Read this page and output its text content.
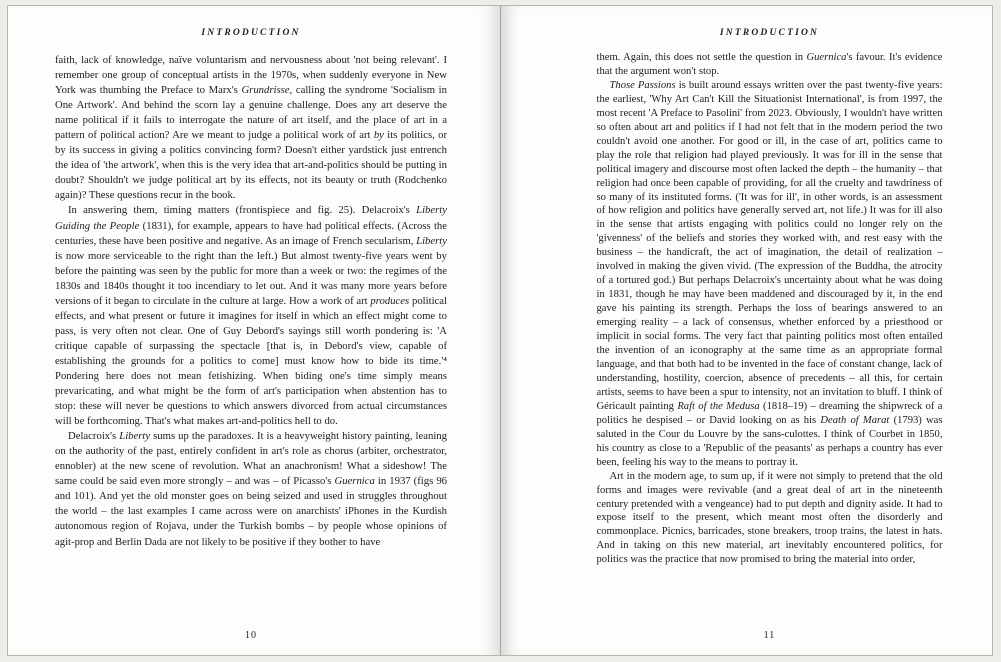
INTRODUCTION

faith, lack of knowledge, naïve voluntarism and nervousness about 'not being relevant'. I remember one group of conceptual artists in the 1970s, when suddenly everyone in New York was thumbing the Preface to Marx's Grundrisse, calling the syndrome 'Socialism in One Artwork'. And behind the scorn lay a genuine challenge. Does any art deserve the name political if it fails to interrogate the nature of art itself, and the place of art in a pattern of political action? Are we meant to judge a political work of art by its politics, or by its success in giving a politics convincing form? Doesn't either yardstick just entrench the idea of 'the artwork', when this is the very idea that art-and-politics should be putting in doubt? Shouldn't we judge political art by its effects, not its beauty or truth (Rodchenko again)? These questions recur in the book.

In answering them, timing matters (frontispiece and fig. 25). Delacroix's Liberty Guiding the People (1831), for example, appears to have had political effects. (Across the centuries, these have been positive and negative. As an image of French secularism, Liberty is now more serviceable to the right than the left.) But almost twenty-five years went by before the painting was seen by the public for more than a week or two: the regimes of the 1830s and 1840s thought it too incendiary to let out. And it was many more years before versions of it began to circulate in the culture at large. How a work of art produces political effects, and what present or future it imagines for itself in which an effect might come to pass, is very often not clear. One of Guy Debord's sayings still worth pondering is: 'A critique capable of surpassing the spectacle [that is, in Debord's view, capable of establishing the grounds for a politics to come] must know how to bide its time.'⁴ Pondering here does not mean fetishizing. When biding one's time simply means prevaricating, and what might be the form of art's participation when abstention has to stop: these will never be questions to which answers divorced from actual circumstances will be forthcoming. That's what makes art-and-politics hell to do.

Delacroix's Liberty sums up the paradoxes. It is a heavyweight history painting, leaning on the authority of the past, entirely confident in art's role as chorus (arbiter, orchestrator, ennobler) at the new scene of revolution. What an anachronism! What a sideshow! The same could be said even more strongly – and was – of Picasso's Guernica in 1937 (figs 96 and 101). And yet the old monster goes on being seized and used in struggles throughout the world – the last examples I came across were on anarchists' iPhones in the Kurdish autonomous region of Rojava, under the Turkish bombs – by people whose opinions of agit-prop and Berlin Dada are not likely to be positive if they bother to have

10
INTRODUCTION

them. Again, this does not settle the question in Guernica's favour. It's evidence that the argument won't stop.

Those Passions is built around essays written over the past twenty-five years: the earliest, 'Why Art Can't Kill the Situationist International', is from 1997, the most recent 'A Preface to Pasolini' from 2023. Obviously, I wouldn't have written so often about art and politics if I had not felt that in the modern period the two couldn't avoid one another. For good or ill, in the case of art, politics came to play the role that religion had played previously. It was for ill in the sense that political imagery and discourse most often lacked the depth – the humanity – that religion had once been capable of providing, for all the cruelty and tawdriness of so many of its instituted forms. ('It was for ill', in other words, is an assessment of how religion and politics have generally served art, not life.) It was for ill also in the sense that artists engaging with politics could no longer rely on the 'givenness' of the beliefs and stories they worked with, and rest easy with the business – the handicraft, the act of imagination, the detail of realization – involved in making the given vivid. (The expression of the Buddha, the atrocity of a tortured god.) But perhaps Delacroix's uncertainty about what he was doing in 1831, though he may have been maddened and discouraged by it, in the end gave his painting its strength. Perhaps the loss of bearings answered to an emerging reality – a lack of consensus, whether enforced by a priesthood or implicit in social forms. The very fact that painting politics most often entailed the invention of an iconography at the same time as an appropriate formal language, and that both had to be invented in the face of constant change, lack of understanding, hostility, coercion, absence of precedents – all this, for certain artists, seems to have been a spur to intensity, not an invitation to bluff. I think of Géricault painting Raft of the Medusa (1818–19) – dreaming the shipwreck of a politics he despised – or David looking on as his Death of Marat (1793) was saluted in the Cour du Louvre by the sans-culottes. I think of Courbet in 1850, his country as close to a 'Republic of the peasants' as perhaps a country has ever been, feeling his way to the means to portray it.

Art in the modern age, to sum up, if it were not simply to pretend that the old forms and images were revivable (and a great deal of art in the nineteenth century pretended with a vengeance) had to put depth and dignity aside. It had to expose itself to the present, which meant most often the disorderly and commonplace. Picnics, barricades, stone breakers, troop trains, the latest in hats. And in taking on this new material, art inevitably encountered politics, for politics was the practice that now promised to bring the material into order,

11
